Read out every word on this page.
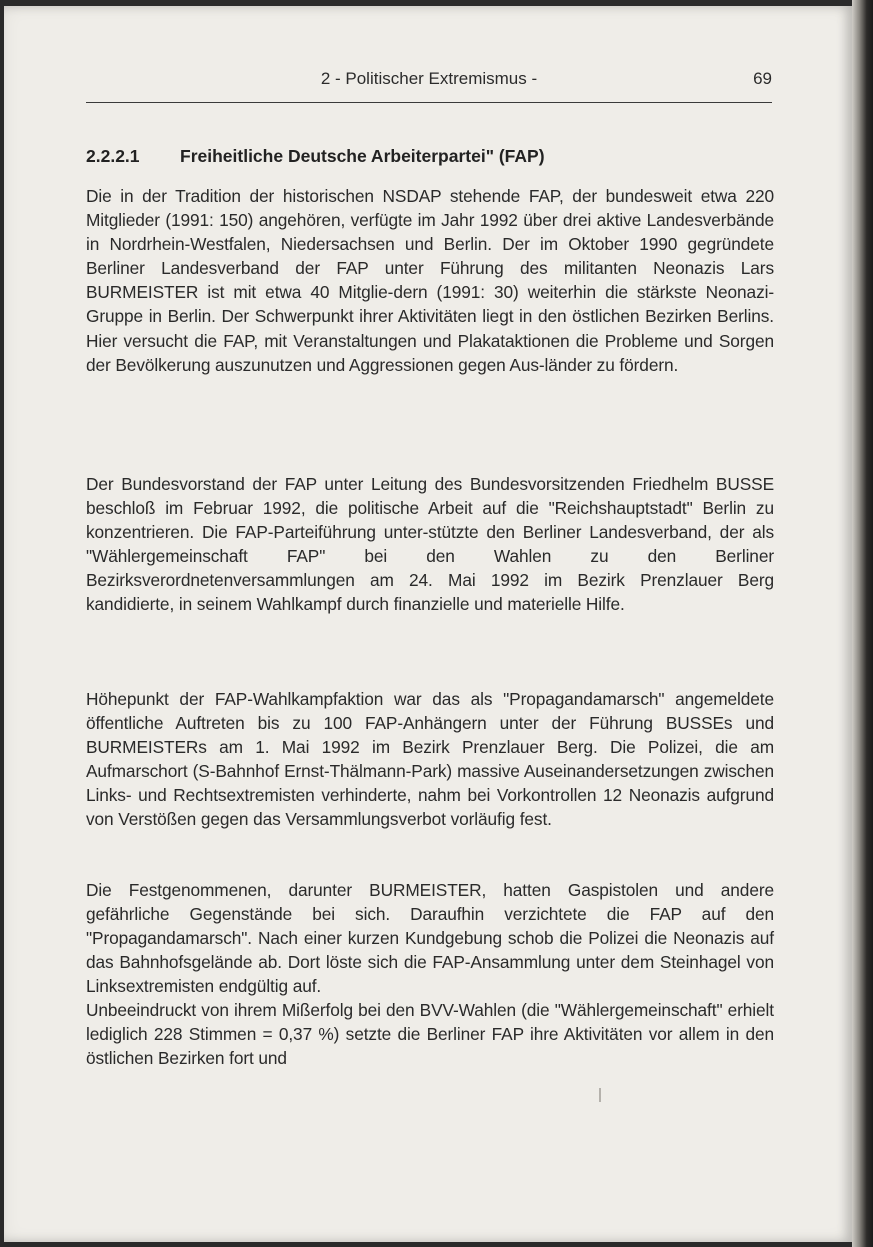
2 - Politischer Extremismus -	69
2.2.2.1 Freiheitliche Deutsche Arbeiterpartei" (FAP)

Die in der Tradition der historischen NSDAP stehende FAP, der bundesweit etwa 220 Mitglieder (1991: 150) angehören, verfügte im Jahr 1992 über drei aktive Landesverbände in Nordrhein-Westfalen, Niedersachsen und Berlin. Der im Oktober 1990 gegründete Berliner Landesverband der FAP unter Führung des militanten Neonazis Lars BURMEISTER ist mit etwa 40 Mitglie-dern (1991: 30) weiterhin die stärkste Neonazi-Gruppe in Berlin. Der Schwerpunkt ihrer Aktivitäten liegt in den östlichen Bezirken Berlins. Hier versucht die FAP, mit Veranstaltungen und Plakataktionen die Probleme und Sorgen der Bevölkerung auszunutzen und Aggressionen gegen Aus-länder zu fördern.

Der Bundesvorstand der FAP unter Leitung des Bundesvorsitzenden Friedhelm BUSSE beschloß im Februar 1992, die politische Arbeit auf die "Reichshauptstadt" Berlin zu konzentrieren. Die FAP-Parteiführung unter-stützte den Berliner Landesverband, der als "Wählergemeinschaft FAP" bei den Wahlen zu den Berliner Bezirksverordnetenversammlungen am 24. Mai 1992 im Bezirk Prenzlauer Berg kandidierte, in seinem Wahlkampf durch finanzielle und materielle Hilfe.

Höhepunkt der FAP-Wahlkampfaktion war das als "Propagandamarsch" angemeldete öffentliche Auftreten bis zu 100 FAP-Anhängern unter der Führung BUSSEs und BURMEISTERs am 1. Mai 1992 im Bezirk Prenzlauer Berg. Die Polizei, die am Aufmarschort (S-Bahnhof Ernst-Thälmann-Park) massive Auseinandersetzungen zwischen Links- und Rechtsextremisten verhinderte, nahm bei Vorkontrollen 12 Neonazis aufgrund von Verstößen gegen das Versammlungsverbot vorläufig fest.

Die Festgenommenen, darunter BURMEISTER, hatten Gaspistolen und andere gefährliche Gegenstände bei sich. Daraufhin verzichtete die FAP auf den "Propagandamarsch". Nach einer kurzen Kundgebung schob die Polizei die Neonazis auf das Bahnhofsgelände ab. Dort löste sich die FAP-Ansammlung unter dem Steinhagel von Linksextremisten endgültig auf.

Unbeeindruckt von ihrem Mißerfolg bei den BVV-Wahlen (die "Wählergemeinschaft" erhielt lediglich 228 Stimmen = 0,37 %) setzte die Berliner FAP ihre Aktivitäten vor allem in den östlichen Bezirken fort und
